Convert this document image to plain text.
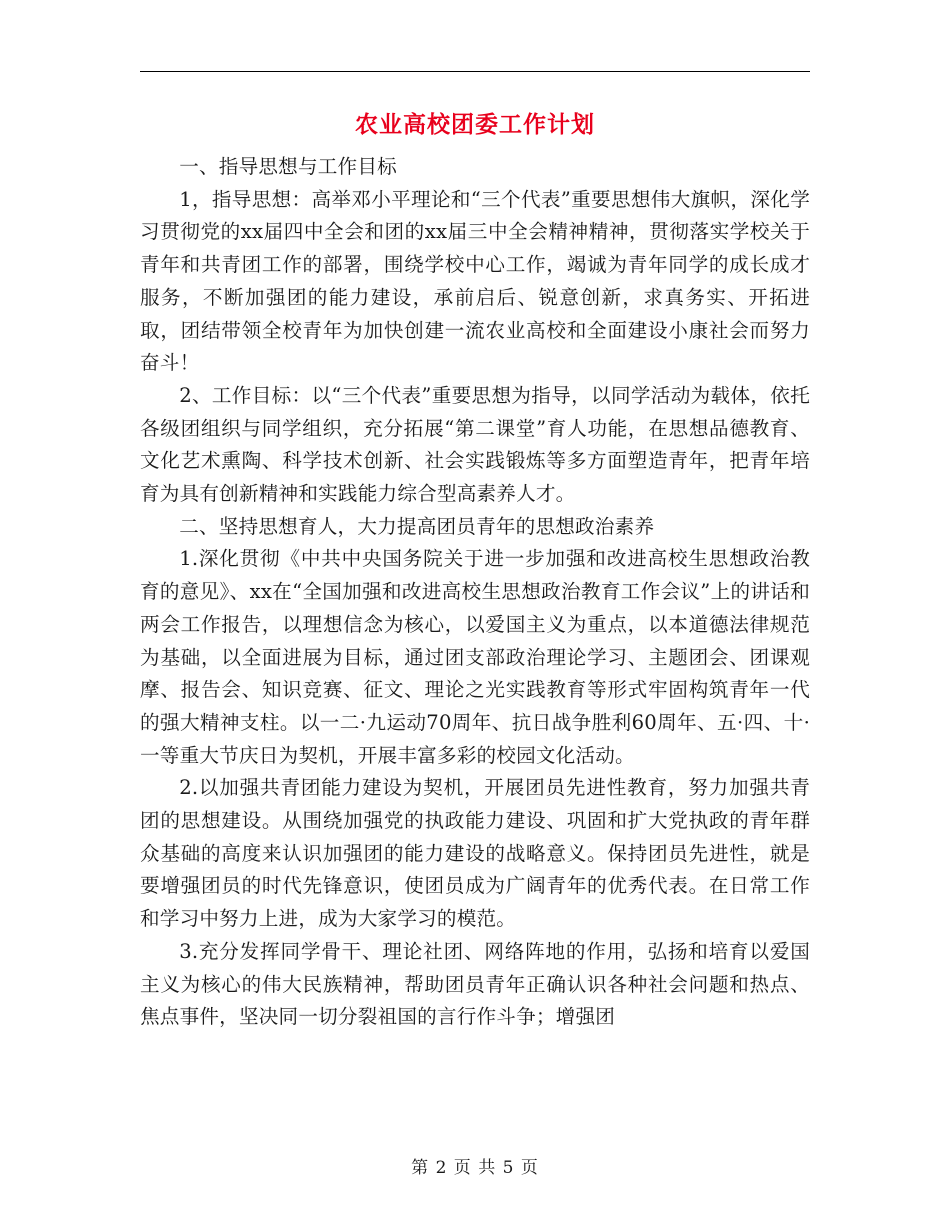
农业高校团委工作计划

一、指导思想与工作目标

1，指导思想：高举邓小平理论和“三个代表”重要思想伟大旗帜，深化学习贯彻党的xx届四中全会和团的xx届三中全会精神精神，贯彻落实学校关于青年和共青团工作的部署，围绕学校中心工作，竭诚为青年同学的成长成才服务，不断加强团的能力建设，承前启后、锐意创新，求真务实、开拓进取，团结带领全校青年为加快创建一流农业高校和全面建设小康社会而努力奋斗！

2、工作目标：以“三个代表”重要思想为指导，以同学活动为载体，依托各级团组织与同学组织，充分拓展“第二课堂”育人功能，在思想品德教育、文化艺术熏陶、科学技术创新、社会实践锻炼等多方面塑造青年，把青年培育为具有创新精神和实践能力综合型高素养人才。

二、坚持思想育人，大力提高团员青年的思想政治素养

1.深化贯彻《中共中央国务院关于进一步加强和改进高校生思想政治教育的意见》、xx在“全国加强和改进高校生思想政治教育工作会议”上的讲话和两会工作报告，以理想信念为核心，以爱国主义为重点，以本道德法律规范为基础，以全面进展为目标，通过团支部政治理论学习、主题团会、团课观摩、报告会、知识竞赛、征文、理论之光实践教育等形式牢固构筑青年一代的强大精神支柱。以一二·九运动70周年、抗日战争胜利60周年、五·四、十·一等重大节庆日为契机，开展丰富多彩的校园文化活动。

2.以加强共青团能力建设为契机，开展团员先进性教育，努力加强共青团的思想建设。从围绕加强党的执政能力建设、巩固和扩大党执政的青年群众基础的高度来认识加强团的能力建设的战略意义。保持团员先进性，就是要增强团员的时代先锋意识，使团员成为广阔青年的优秀代表。在日常工作和学习中努力上进，成为大家学习的模范。

3.充分发挥同学骨干、理论社团、网络阵地的作用，弘扬和培育以爱国主义为核心的伟大民族精神，帮助团员青年正确认识各种社会问题和热点、焦点事件，坚决同一切分裂祖国的言行作斗争；增强团

第 2 页 共 5 页
